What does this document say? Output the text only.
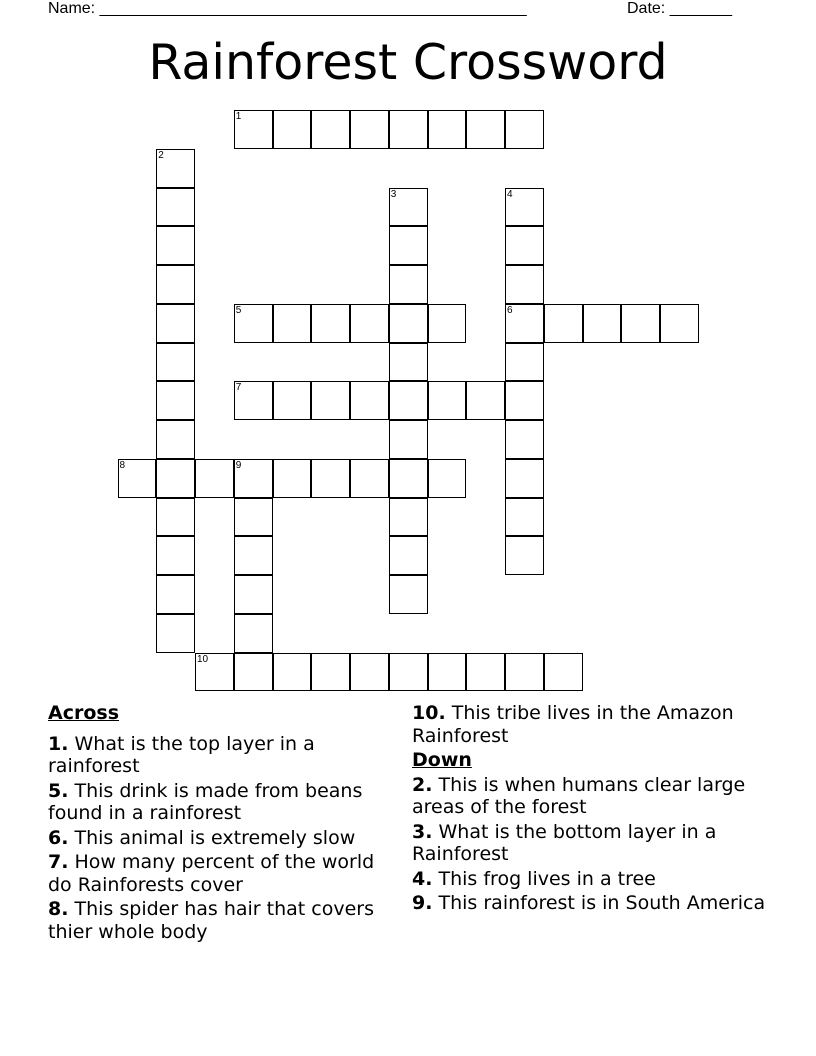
Name: ________________________________________________	Date: _______
Rainforest Crossword
1
2
3	4
6
5
7
8	9
10
Across
1. What is the top layer in a rainforest
5. This drink is made from beans found in a rainforest
6. This animal is extremely slow
7. How many percent of the world do Rainforests cover
8. This spider has hair that covers thier whole body
10. This tribe lives in the Amazon Rainforest
Down
2. This is when humans clear large areas of the forest
3. What is the bottom layer in a Rainforest
4. This frog lives in a tree
9. This rainforest is in South America
